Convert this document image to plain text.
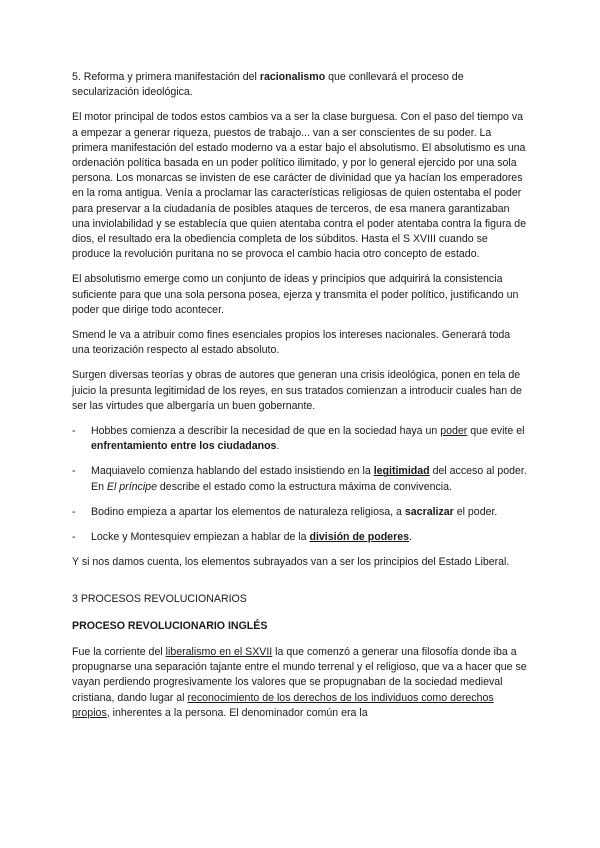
5. Reforma y primera manifestación del racionalismo que conllevará el proceso de secularización ideológica.

El motor principal de todos estos cambios va a ser la clase burguesa. Con el paso del tiempo va a empezar a generar riqueza, puestos de trabajo... van a ser conscientes de su poder. La primera manifestación del estado moderno va a estar bajo el absolutismo. El absolutismo es una ordenación política basada en un poder político ilimitado, y por lo general ejercido por una sola persona. Los monarcas se invisten de ese carácter de divinidad que ya hacían los emperadores en la roma antigua. Venía a proclamar las características religiosas de quien ostentaba el poder para preservar a la ciudadanía de posibles ataques de terceros, de esa manera garantizaban una inviolabilidad y se establecía que quien atentaba contra el poder atentaba contra la figura de dios, el resultado era la obediencia completa de los súbditos. Hasta el S XVIII cuando se produce la revolución puritana no se provoca el cambio hacia otro concepto de estado.

El absolutismo emerge como un conjunto de ideas y principios que adquirirá la consistencia suficiente para que una sola persona posea, ejerza y transmita el poder político, justificando un poder que dirige todo acontecer.

Smend le va a atribuir como fines esenciales propios los intereses nacionales. Generará toda una teorización respecto al estado absoluto.

Surgen diversas teorías y obras de autores que generan una crisis ideológica, ponen en tela de juicio la presunta legitimidad de los reyes, en sus tratados comienzan a introducir cuales han de ser las virtudes que albergaría un buen gobernante.

- Hobbes comienza a describir la necesidad de que en la sociedad haya un poder que evite el enfrentamiento entre los ciudadanos.
- Maquiavelo comienza hablando del estado insistiendo en la legitimidad del acceso al poder. En El príncipe describe el estado como la estructura máxima de convivencia.
- Bodino empieza a apartar los elementos de naturaleza religiosa, a sacralizar el poder.
- Locke y Montesquiev empiezan a hablar de la división de poderes.

Y si nos damos cuenta, los elementos subrayados van a ser los principios del Estado Liberal.

3 PROCESOS REVOLUCIONARIOS

PROCESO REVOLUCIONARIO INGLÉS

Fue la corriente del liberalismo en el SXVII la que comenzó a generar una filosofía donde iba a propugnarse una separación tajante entre el mundo terrenal y el religioso, que va a hacer que se vayan perdiendo progresivamente los valores que se propugnaban de la sociedad medieval cristiana, dando lugar al reconocimiento de los derechos de los individuos como derechos propios, inherentes a la persona. El denominador común era la
